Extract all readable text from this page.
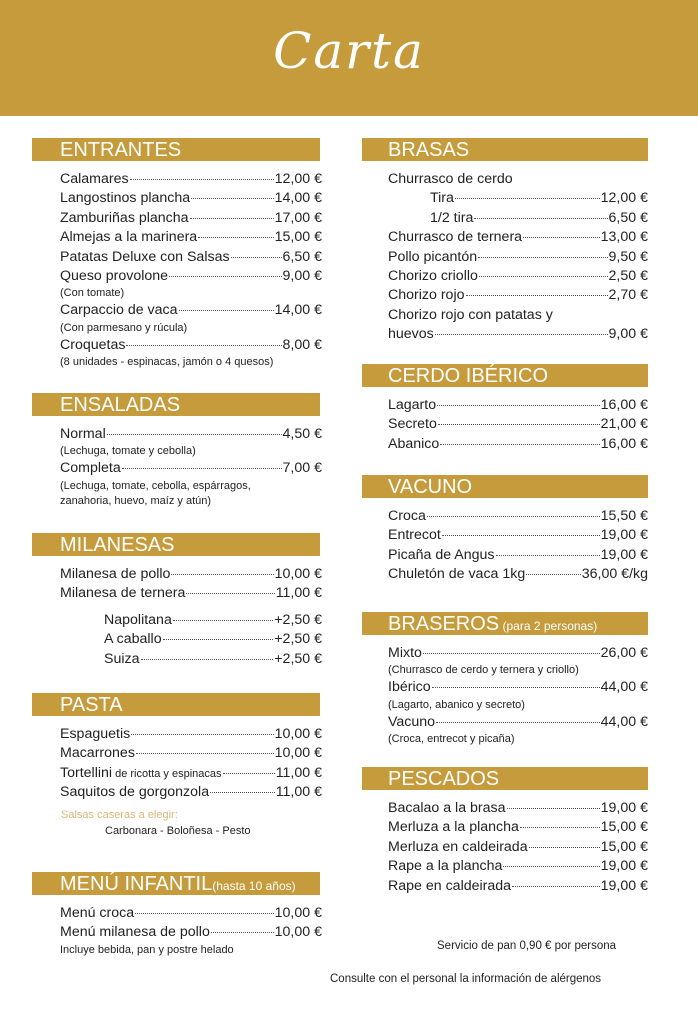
Carta
ENTRANTES
Calamares	12,00 €
Langostinos plancha	14,00 €
Zamburiñas plancha	17,00 €
Almejas a la marinera	15,00 €
Patatas Deluxe con Salsas	6,50 €
Queso provolone	9,00 €
(Con tomate)
Carpaccio de vaca	14,00 €
(Con parmesano y rúcula)
Croquetas	8,00 €
(8 unidades - espinacas, jamón o 4 quesos)
ENSALADAS
Normal	4,50 €
(Lechuga, tomate y cebolla)
Completa	7,00 €
(Lechuga, tomate, cebolla, espárragos,
zanahoria, huevo, maíz y atún)
MILANESAS
Milanesa de pollo	10,00 €
Milanesa de ternera	11,00 €
Napolitana	+2,50 €
A caballo	+2,50 €
Suiza	+2,50 €
PASTA
Espaguetis	10,00 €
Macarrones	10,00 €
Tortellini de ricotta y espinacas	11,00 €
Saquitos de gorgonzola	11,00 €
MENÚ INFANTIL(hasta 10 años)
Menú croca	10,00 €
Menú milanesa de pollo	10,00 €
Incluye bebida, pan y postre helado
BRASAS
Churrasco de cerdo
Tira	12,00 €
1/2 tira	6,50 €
Churrasco de ternera	13,00 €
Pollo picantón	9,50 €
Chorizo criollo	2,50 €
Chorizo rojo	2,70 €
Chorizo rojo con patatas y
huevos	9,00 €
CERDO IBÉRICO
Lagarto	16,00 €
Secreto	21,00 €
Abanico	16,00 €
VACUNO
Croca	15,50 €
Entrecot	19,00 €
Picaña de Angus	19,00 €
Chuletón de vaca 1kg	36,00 €/kg
BRASEROS (para 2 personas)
Mixto	26,00 €
(Churrasco de cerdo y ternera y criollo)
Ibérico	44,00 €
(Lagarto, abanico y secreto)
Vacuno	44,00 €
(Croca, entrecot y picaña)
PESCADOS
Bacalao a la brasa	19,00 €
Merluza a la plancha	15,00 €
Merluza en caldeirada	15,00 €
Rape a la plancha	19,00 €
Rape en caldeirada	19,00 €
Salsas caseras a elegir:
Carbonara - Boloñesa - Pesto
Servicio de pan 0,90 € por persona
Consulte con el personal la información de alérgenos
